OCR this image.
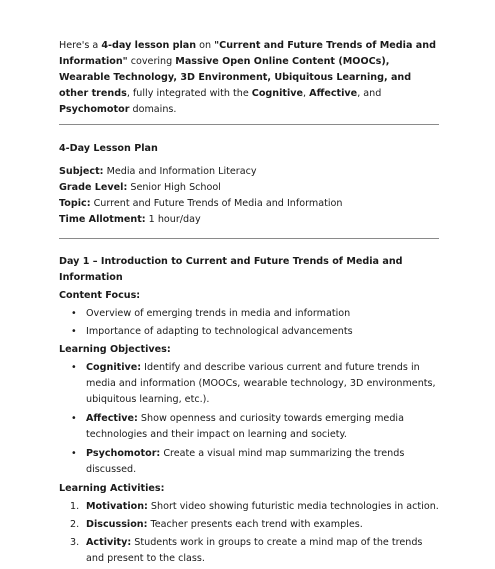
Here's a 4-day lesson plan on "Current and Future Trends of Media and Information" covering Massive Open Online Content (MOOCs), Wearable Technology, 3D Environment, Ubiquitous Learning, and other trends, fully integrated with the Cognitive, Affective, and Psychomotor domains.

4-Day Lesson Plan

Subject: Media and Information Literacy

Grade Level: Senior High School

Topic: Current and Future Trends of Media and Information

Time Allotment: 1 hour/day

Day 1 – Introduction to Current and Future Trends of Media and Information

Content Focus:

• Overview of emerging trends in media and information
• Importance of adapting to technological advancements

Learning Objectives:

• Cognitive: Identify and describe various current and future trends in media and information (MOOCs, wearable technology, 3D environments, ubiquitous learning, etc.).
• Affective: Show openness and curiosity towards emerging media technologies and their impact on learning and society.
• Psychomotor: Create a visual mind map summarizing the trends discussed.

Learning Activities:

1. Motivation: Short video showing futuristic media technologies in action.
2. Discussion: Teacher presents each trend with examples.
3. Activity: Students work in groups to create a mind map of the trends and present to the class.
